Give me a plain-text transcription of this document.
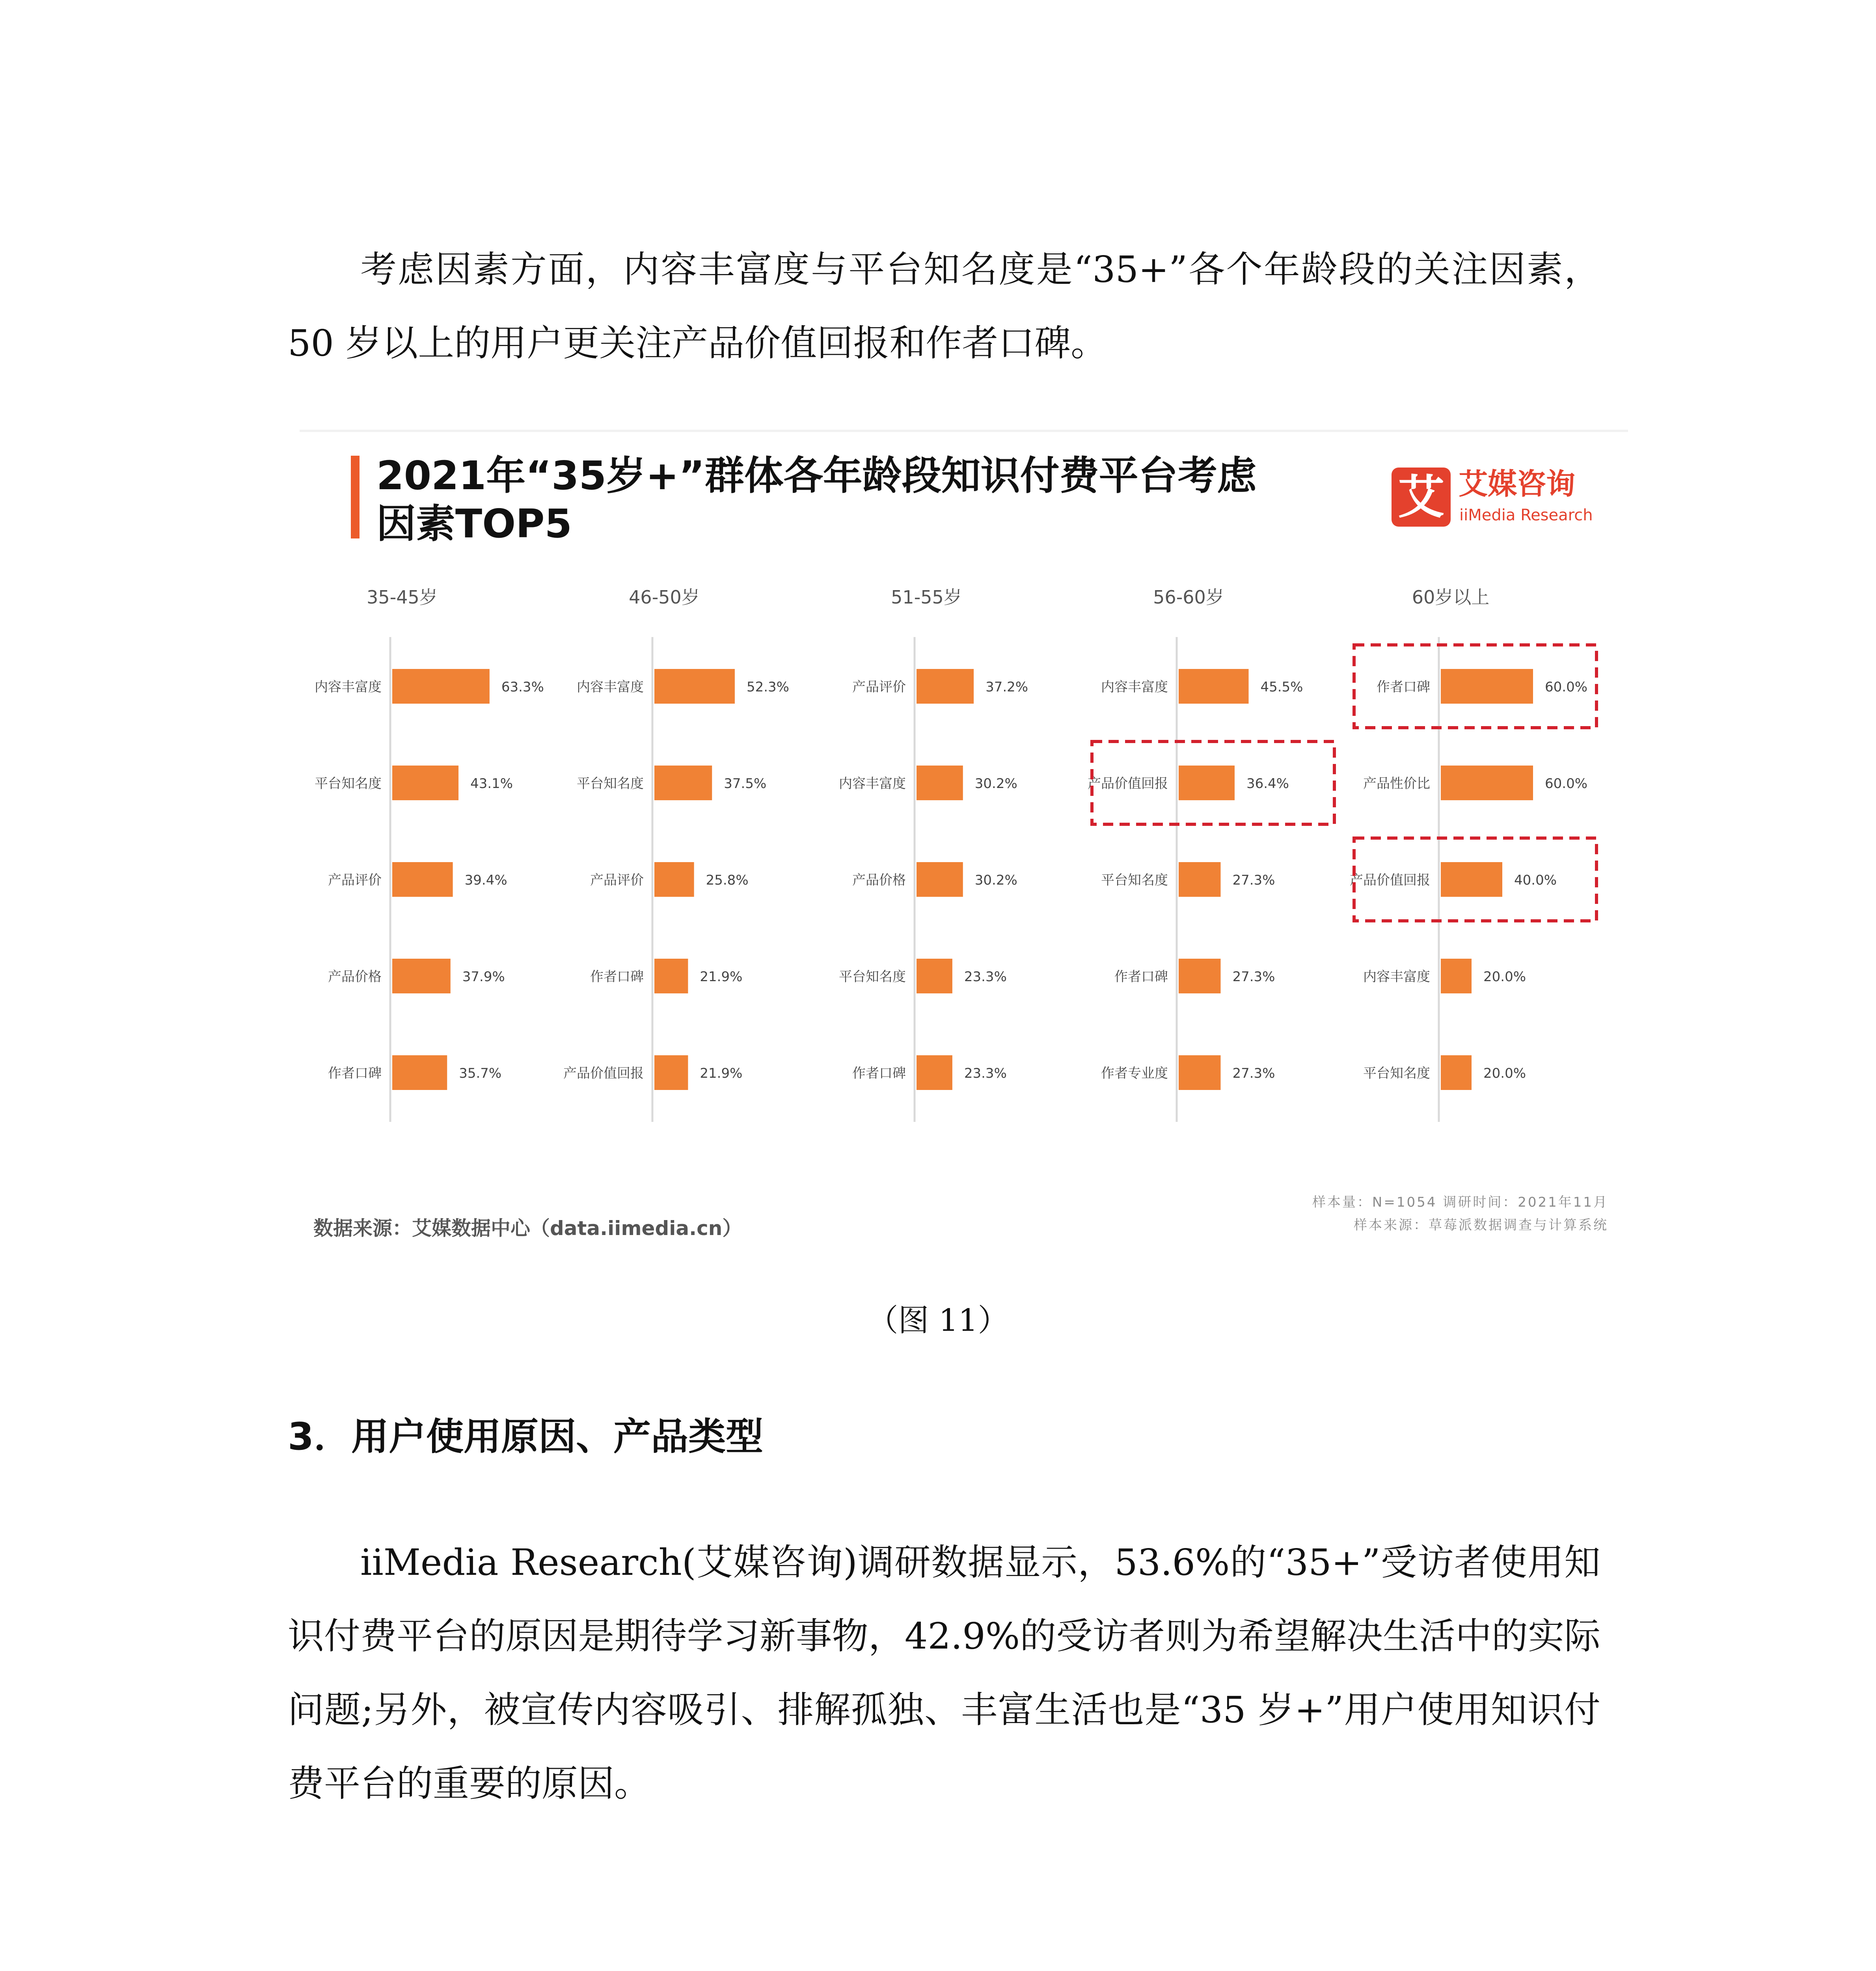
考虑因素方面，内容丰富度与平台知名度是“35+”各个年龄段的关注因素，50 岁以上的用户更关注产品价值回报和作者口碑。

2021年“35岁+”群体各年龄段知识付费平台考虑
因素TOP5	艾 艾媒咨询
iiMedia Research
35-45岁
内容丰富度	63.3%
平台知名度	43.1%
产品评价	39.4%
产品价格	37.9%
作者口碑	35.7%
46-50岁
内容丰富度	52.3%
平台知名度	37.5%
产品评价	25.8%
作者口碑	21.9%
产品价值回报	21.9%
51-55岁
产品评价	37.2%
内容丰富度	30.2%
产品价格	30.2%
平台知名度	23.3%
作者口碑	23.3%
56-60岁
内容丰富度	45.5%
产品价值回报	36.4%
平台知名度	27.3%
作者口碑	27.3%
作者专业度	27.3%
60岁以上
作者口碑	60.0%
产品性价比	60.0%
产品价值回报	40.0%
内容丰富度	20.0%
平台知名度	20.0%
数据来源：艾媒数据中心（data.iimedia.cn）
样本量：N=1054 调研时间：2021年11月
样本来源：草莓派数据调查与计算系统
（图 11）
3．用户使用原因、产品类型

iiMedia Research(艾媒咨询)调研数据显示，53.6%的“35+”受访者使用知识付费平台的原因是期待学习新事物，42.9%的受访者则为希望解决生活中的实际问题;另外，被宣传内容吸引、排解孤独、丰富生活也是“35 岁+”用户使用知识付费平台的重要的原因。
